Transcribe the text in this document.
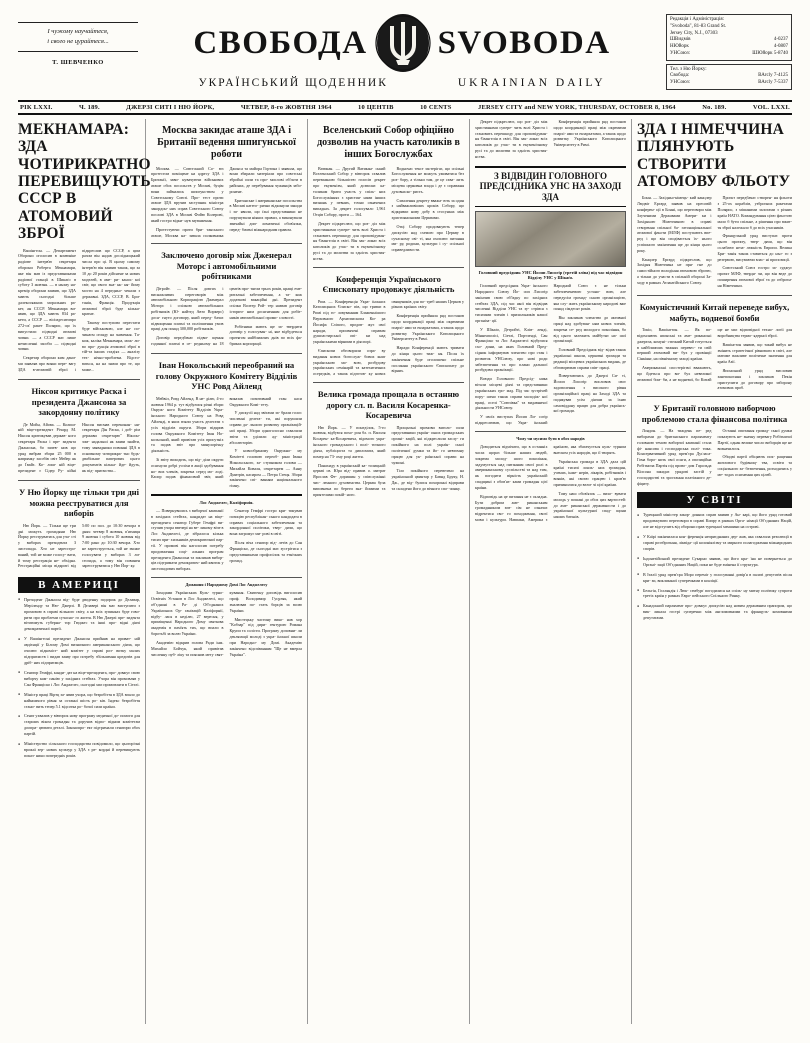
І чужому научайтеся,
і свого не цурайтеся...
Т. ШЕВЧЕНКО
СВОБОДА SVOBODA
УКРАЇНСЬКИЙ ЩОДЕННИК	UKRAINIAN DAILY
Редакція і Адміністрація:
"Svoboda", 81-83 Grand St.
Jersey City, N.J., 07303
ШВидмів	4-0237
НЮйорк	4-0807
УНСоюз:	ШЮйорк 5-8740
Тел. з Ню Йорку:
Свобода:	ВАrcly 7-4125
УНСоюз:	ВАrcly 7-5337
РІК LXXI.	Ч. 189.	ДЖЕРЗІ СИТІ І НЮ ЙОРК,	ЧЕТВЕР, 8-го ЖОВТНЯ 1964	10 ЦЕНТІВ	10 CENTS	JERSEY CITY and NEW YORK, THURSDAY, OCTOBER 8, 1964	No. 189.	VOL. LXXI.
МЕКНАМАРА: ЗДА ЧОТИРИКРАТНО ПЕРЕВИЩУЮТЬ СССР В АТОМОВИЙ ЗБРОЇ

Вашінгтон. — Департамент Оборони оголосив в комюніке радіове інтерв'ю секретаря оборони Роберта Мекнамари, яке він мав із представниками радіової станції в Шикаґо в суботу 3 жовтня. — в ньому на- кремір оборони заявив, що ЗДА мають сьогодні більше далекосяжних моральних ра- кет, ан СССР. Мекнамара ви- явив, що ЗДА мають 834 ра- кети, а СССР — вісімдесятипро 272-ох' ракет Полярис, що їх випустили підводні атомові човни. — а СССР має лише нечисленні засоби — підводні човни.

Секретар оборони ким дани- ми заявляв про вояки пере- вагу ЗДА в-атомовій зброї і підкреслив що СССР, а цим разом він надав дослідницький числа про ці. В цьому самому інтерв'ю він заявив також, що за 10 до 20 років дійснене за нових моделей, в аме- ри- кансь- кої світ, що свого зна- нь- ня- йому мости на 4 передньо- чекали з державні. ЗДА, СССР, В. Бри- танія, Франція. Продукція атомової зброї буде кілька- кратне.

Такому поступово перестати буде військовою, але на- по- чинаєм огляду на значення. Та- кож, каліка Мекнамара, мож- ли- во про- дукція атомової зброї в тій-та інших стадіях — аналізу тех- нічно-проблема. Відсто- ваться, на на значи про те, що може...

Ніксон критикує Раска і президента Джансона за закордонну політику

Де Мойн, Айова. — Колиш- ній віце-президент Річард М. Ніксон критикував держав- ного секретаря Раска і пре- зидента Джансона, бо запев- нив що уряд вибрав збори 25 000 в напрямку засобів світ Мейер як до Ґвайє. Ко- лиш- ній віце-президент є Сідер Ру- кійні Ніксон висмав переконан- ня- секретаря Дін Раска, і доб- рім держави секретарю" Ніксон- зом- надальші як заяви знайти, тому заявадники повинні ЗДА в основному чотирикра- тно будь- двабільше паперових цього документів кілька- йде- йдуть, як під- приємства...

У Ню Йорку ще тільки три дні можна реєструватися для виборів

Ню Йорк. — Тільки ще три дні можуть громадяни Ню Йорку реєструватись для уча- сті у виборах президента 3 листопада. Хто не зареєстро- ваний, той не може голосу- вати, й тому реєстрація не- обхідна. Реєстраційні місця відкриті від 5:00 по пол. до 10:30 вечора в днях: четвер 8 жовтня, п'ятниця 9 жовтня і субота 10 жовтня від 7:00 рано до 10:30 вечора. Хто не зареєструється, той не зможе голосувати у виборах 3 ли- стопада, а тому він повинен зареєструватися у Ню Йор- ку.

В АМЕРИЦІ

● Президент Джансон від- буде дводенну подорож до Делавар, Меріленду та Ню- Джерзі. В Делавері він має виступити з промовою в справі вільного світу, а на всіх зупинках буде гово- рити про проблеми сучасно- го життя. В Ню Джерзі пре- зидента вітатимуть губерна- тор Гюджес та інші про- відні діячі демократичної партії.

● У Вашінгтоні президент Джансон прийняв на приват- ній авдієнції у Білому Домі визначного американського діяча, що очолює підкоміст- ний комітет у справі роз- витку малих підприємств і видав заяву про потребу збільшення кредитів для дріб- них підприємців.

● Сенатор Гемфрі, канди- дат на віце-президента, про- довжує свою виборчу кам- панію у західних стейтах. Учора він промовляв у Сан Франціско і Лос Анджелес, сьогодні має промовляти в Сієтлі.

● Міністр праці Віртц за- явив учора, що безробіття в ЗДА впало до найнижчого рівня за останні шість ро- ків. Індекс безробіття стано- вить тепер 5.1 відсотка ро- бочої сили країни.

● Сенат ухвалив у вівторок нову програму медичної до- помоги для старших віком громадян та доручив відпо- відним комітетам доопра- цювати деталі. Законопро- ект підтримали сенатори обох партій.

● Міністерство сільського господарства повідомило, що цьогорічні врожаї зер- нових культур у ЗДА є ре- кордні й перевищують показ- ники попередніх років.

Москва закидає аташе ЗДА і Британії ведення шпигунської роботи

Москва. — Совєтський Со- юз протестом поміщене на адресу ЗДА і Британії, зави- нувачуючи військових аташе обох посольств у Москві, буцім вони займались шпигунством у Совєтському Союзі. Про- тест проти аташе ЗДА вручив заступник міністра закордон- них справ Совєтського Союзу послові ЗДА в Москві Фойю Колерові, який гостро відки- нув зауваження.

Протестуючи проти бри- танського аташе, Москва на- зивала полковника Джонса та майора Гортона і заявила, що вони збирали матеріали про совєтські збройні сили та про- мислові об'єкти в районах, де перебування чужинців забо- ронене.

Британське і американське посольства в Москві катего- рично відкинули закиди і за- явили, що їхні представники не порушували ніяких правил, а виконували звичайні дип- ломатичні обов'язки, перед- бачені міжнародним правом.

Заключено договір між Дженерал Моторс і автомобільними робітниками

Дітройт. — Після довгих і виснажливих переговорів між автомобільною Корпорацією Дженерал Моторс і спілкою автомобільних робітників (Ю- найтед Авто Воркерс) дося- гнуто договору, який перед- бачає підвищення платні та поліпшення умов праці для понад 300,000 робітників.

Договір передбачає підви- щення годинної платні в се- редньому на 18 центів про- тягом трьох років, кращі еме- ритальні забезпечення, а та- кож додаткові вакаційні дні. Президент спілки Волтер Рой- тер назвав договір історич- ним досягненням для робіт- ників автомобільної проми- словості.

Робітники мають ще за- твердити договір у голосуван- ні, яке відбудеться протягом найближчих днів по всіх фа- бриках корпорації.

Іван Нокольський переобраний на голову Окружного Комітету Відділів УНС Ровд Айленд

Мейвіл, Ровд Айленд. В не- ділю, 4-го жовтня 1964 р. тут відбулися річні збори Окруж- ного Комітету Відділів Укра- їнського Народного Союзу на Ровд Айленді, в яких взяли участь делегати з усіх відділів округи. Збори відкрив голова Окружного Комітету Іван Но- кольський, який привітав усіх присутніх та подав звіт про минулорічну діяльність.

Зі звіту виходить, що від- діли округи осягнули добрі успіхи в акції здобування но- вих членів, зокрема серед мо- лоді. Касир подав фінансовий звіт, який виказав позитивний стан каси Окружного Комі- тету.

У дискусії над звітами за- брали голос численні делега- ти, які порушили справи да- льшого розвитку організацій- ної праці. Збори одноголосно схвалили звіти та уділили ад- міністрації абсолюторію.

У новообраному Окружно- му Комітеті головою переоб- рано Івана Нокольського, за- ступником голови — Михайла Коваля, секретарем — Анну Дмитрів, касиром — Петра Стеця. Збори закінчено спі- ванням національного гімну.

Лос Анджелес, Каліфорнія.

— Повернувшись з виборчої кампанії в західних стейтах, кандидат на віце-президента сенатор Губерт Гемфрі ви- ступив учора ввечері на ве- ликому віче в Лос Анджелесі, де зібралося кілька тисяч при- хильників демократичної пар- тії. У промові він наголосив потребу продовження соці- альних програм президента Джансона та закликав вибор- ців підтримати демократич- ний квиток у листопадових виборах.

Сенатор Гемфрі гостро кри- тикував позицію республікан- ського кандидата в справах соціального забезпечення та закордонної політики, твер- дячи, що вона загрожує ми- рові в світі.

Після віча сенатор від- летів до Сан Франціско, де сьогодні має зустрітися з представниками профспілок та етнічних громад.

Домашня і Народному Домі Лос Анджелесу

Заходами Українських Куль- турно-Освітніх Установ в Лос Анджелесі, що об'єднані в Ра- ді Об'єднаних Українських Ор- ганізацій Каліфорнії, відбу- лася в неділю, 27 вересня, у приміщенні Народного Дому святкова академія в пам'ять тих, що впали в боротьбі за волю України.

Академію відкрив голова Ради інж. Михайло Бойчук, який привітав численну пуб- ліку та пояснив мету свят- кування. Святочну доповідь виголосив проф. Володимир Гуцуляк, який змалював по- стать борців за волю України.

Мистецьку частину вико- нав хор "Кобзар" під дири- гентурою Романа Крупи та солісти. Програму доповни- ли деклямації молоді з укра- їнської школи при Народно- му Домі. Академію закінчено відспіванням "Ще не вмерла Україна".

Вселенський Собор офіційно дозволив на участь католиків в інших Богослужбах

Ватикан. — Другий Ватикан- ський Вселенський Собор у вівторок схвалив переважною більшістю голосів декрет про екуменізм, який дозволяє ка- толикам брати участь у спіль- них Богослужіннях з христия- нами інших визнань у певних, точно означених випадках. За декрет голосувало 1,961 Отців Собору, проти — 164.

Декрет підкреслює, що роз- діл між християнами супере- чить волі Христа і становить перешкоду для проповідуван- ня Євангелія в світі. Він зак- ликає всіх католиків до учас- ти в екуменічному русі та до молитви за єдність христия- нства.

Водночас текст застерігає, що спільні Богослуження не можуть уживатися без роз- бору, а тільки там, де це схва- лить місцева церковна влада і де є справжня духовна ко- ристь.

Схвалення декрету вважа- ють за один з найважливіших кроків Собору, що відкриває нову добу в стосунках між християнськими Церквами.

Отці Собору продовжують тепер дискусію над схемою про Церкву в сучасному сві- ті, яка охоплює питання ми- ру, родини, культури і су- спільної справедливости.

Конференція Українського Єпископату продовжує діяльність

Рим. — Конференція Укра- їнських Католицьких Єписко- пів, що триває в Римі під го- ловуванням Блаженнішого Верховного Архиєпископа Ки- ра Йосифа Сліпого, продов- жує свої наради, присвячені справам душпастирської опі- ки над українськими вірними в діяспорі.

Єпископи обговорили спра- ву видання нових богослуж- бових книг українською мо- вою, розбудову українських семінарій та катехитичних осередків, а також підготов- ку нових священиків для по- треб наших Церков у різних країнах світу.

Конференція прийняла ряд постанов щодо координації праці між окремими єпархі- ями та екзархатами, а також щодо розвитку Українського Католицького Університету в Римі.

Наради Конференції мають тривати до кінця цього тиж- ня. Після їх закінчення буде оголошено спільне послання українського Єпископату до вірних.

Велика громада прощала в останню дорогу сл. п. Василя Косаренка-Косаревича

Ню Йорк. — У понеділок, 5-го жовтня, відбувся похо- рон бл. п. Василя Косарен- ка-Косаревича, відомого укра- їнського громадського і полі- тичного діяча, публіциста та дипломата, який помер на 73- ому році життя.

Панахиду в українській ка- толицькій церкві св. Юра від- правив о. митрат Ярослав Фе- доришин у співслужінні чис- ленного духовенства. Церква була виповнена по береги зна- йомими та приятелями покій- ного.

Прощальні промови виголо- сили представники україн- ських громадських органі- зацій, які підкреслили заслу- ги покійного на полі україн- ської політичної думки та йо- го невтомну працю для ук- раїнської справи на чужині.

Тіло покійного перевезено на український цвинтар у Бавнд Бруку, Н. Дж., де від- булися похоронні відправи та складено його до вічного спо- чинку.

Декрет підкреслює, що роз- діл між християнами супере- чить волі Христа і становить перешкоду для проповідуван- ня Євангелія в світі. Він зак- ликає всіх католиків до учас- ти в екуменічному русі та до молитви за єдність христия- нства.

Конференція прийняла ряд постанов щодо координації праці між окремими єпархі- ями та екзархатами, а також щодо розвитку Українського Католицького Університету в Римі.

З ВІДВІДИН ГОЛОВНОГО ПРЕДСІДНИКА УНС НА ЗАХОДІ ЗДА
Головний предсідник УНС Йосип Лисогір (третій зліва) під час відвідин Відділу УНС у Шікаґо.

Головний предсідник Укра- їнського Народного Союзу Йо- сип Лисогір закінчив свою об'їздку по західних стейтах ЗДА, під час якої він відвідав численні Відділи УНС та зу- стрівся з тисячами членів і прихильників нашої організа- ції.

У Шікаґо, Детройті, Клів- ленді, Міннеаполісі, Сіетлі, Портленді, Сан Франціско та Лос Анджелесі відбулися схо- дини, на яких Головний Пред- сідник інформував членство про стан і розвиток УНСоюзу, про нові роди забезпечення та про плани дальшої розбудови організації.

Всюди Головного Предсід- ника вітали місцеві діячі та представники українських гро- мад. Під час зустрічей пору- шено також справи молодіж- ної праці, оселі "Союзівка" та видавничої діяльности УНСоюзу.

У своїх виступах Йосип Ли- согір підкреслював, що Укра- їнський Народний Союз є не тільки забезпеченевою устано- вою, але передусім громад- ською організацією, яка слу- жить українському народові вже понад сімдесят років.

Він закликав членство до активної праці над здобуван- ням нових членів, зокрема се- ред молодого покоління, бо від цього залежить майбутнє на- шої організації.

Головний Предсідник від- відав також українські школи, церковні громади та редакції місцевих українських видань, де обговорював справи спів- праці.

Повертаючись до Джерзі Си- ті, Йосип Лисогір висловив своє задоволення з високого рівня організаційної праці на Заході ЗДА та подякував усім діячам за їхню самовіддану працю для добра українсь- кої громади.

Чому чи мусимо бути в обох народів

Доводиться відмічати, що в останніх часах щораз більше наших людей, зокрема молод- шого покоління, задумується над питанням своєї ролі в американському суспільстві та над тим, як погодити вірність українській спадщині з обов'яз- ками громадян цієї країни.

Відповідь на це питання не є складна. Бути добрим аме- риканським громадянином зов- сім не означає відректися сво- го походження, своєї мови і культури. Навпаки, Америка є країною, яка збагачується куль- турним внеском усіх народів, що її творять.

Українська громада в ЗДА дала цій країні тисячі лояль- них громадян, учених, інже- нерів, лікарів, робітників і вояків, які своєю працею і кров'ю причинилися до вели- чі цієї країни.

Тому наш обов'язок — вихо- вувати молодь у пошані до обох цих вартостей: до аме- риканської державности і до української культурної спад- щини наших батьків.

ЗДА І НІМЕЧЧИНА ПЛЯНУЮТЬ СТВОРИТИ АТОМОВУ ФЛЬОТУ

Бонн. — Західньо-німець- кий канцлер Людвіг Ергард заявив на пресовій конферен- ції в Бонні, що переговори між Злученими Державами Амери- ки і Західньою Німеччиною в справі створення спільної ба- гатонаціональної атомової фльоти (МЛФ) поступають впе- ред і що він сподівається їх- нього успішного закінчення ще до кінця цього року.

Канцлер Ергард підкреслив, що Західня Німеччина не пря- гне до самостійного володіння атомовою зброєю, а тільки до участи в спільній обороні За- ходу в рамках Атлантійського Союзу.

Проєкт передбачає створен- ня фльоти з 25-ох кораблів, узброєних ракетами Полярис, з мішаними залогами з різних країн НАТО. Командування цією фльотою мало б бути спільне, а рішення про вжит- тя зброї належало б до всіх учасників.

Французький уряд виступає проти цього проєкту, твер- дячи, що він ослаблює неза- лежність Европи. Велика Бри- танія також ставиться до ньо- го з резервою, висуваючи влас- ні пропозиції.

Совєтський Союз гостро за- суджує проєкт МЛФ, твердя- чи, що він веде до поширення атомової зброї та до озброєн- ня Німеччини.

Комуністичний Китай переведе вибух, мабуть, водневої бомби

Токіо, Вашінгтон. — Як по- відомляють японські та аме- риканські джерела, комуні- стичний Китай готується в найближчих тижнях перевес- ти свій перший атомовий ви- бух у провінції Сінкіянг, на північному заході країни.

Американські спостерігачі вважають, що йдеться про ви- бух невеликої атомової бом- би, а не водневої, бо Китай ще не має відповідної техно- логії для виробництва термо- ядерної зброї.

Вашінгтон заявив, що такий вибух не змінить стратегічної рівноваги в світі, але матиме важливе політичне значення для країн Азії.

Японський уряд висловив занепокоєння і закликав Пекін приступити до договору про заборону атомових проб.

У Британії головною виборчою проблемою стала фінансова політика

Лондон. — На тиждень пе- ред виборами до британського парляменту головною темою виборчої кампанії стала фі- нансова і господарська полі- тика. Консервативний уряд прем'єра Дуґласа-Гома боро- нить свої осяги, а опозиційна Робітнича Партія під прово- дом Гарольда Вілсона закидає урядові застій у господарстві та зростання платіжного де- фіциту.

Останні опитання громад- ської думки показують не- значну перевагу Робітничої Партії, однак велике число виборців ще не визначилося.

Обидві партії обіцяють пок- ращення житлового будівниц- тва, освіти та соціяльного за- безпечення, розходячись у ме- тодах осягнення цих цілей.

У СВІТІ

● Турецький міністер закор- донних справ заявив у Ан- карі, що його уряд готовий продовжувати переговори в справі Кипру в рамках Орга- нізації Об'єднаних Націй, але не відступить від оборони прав турецької меншини на острові.

● У Каїрі закінчилася кон- ференція неприєднаних дер- жав, яка схвалила резолюції в справі роззброєння, ліквіда- ції колоніялізму та мирного полагодження міжнародних спорів.

● Індонезійський президент Сукарно заявив, що його кра- їна не повернеться до Органі- зації Об'єднаних Націй, поки не буде змінена її структура.

● В Італії уряд прем'єра Моро переміг у голосуванні довір'я в палаті депутатів після кри- зи, викликаної суперечками в коаліції.

● Бельгія, Голляндія і Люк- сембурґ погодилися на спіль- ну митну політику супроти третіх країн у рамках Евро- пейського Спільного Ринку.

● Канадський парлямент про- довжує дискусію над новим державним прапором, що вик- ликала гострі суперечки між англомовними та французь- комовними депутатами.
